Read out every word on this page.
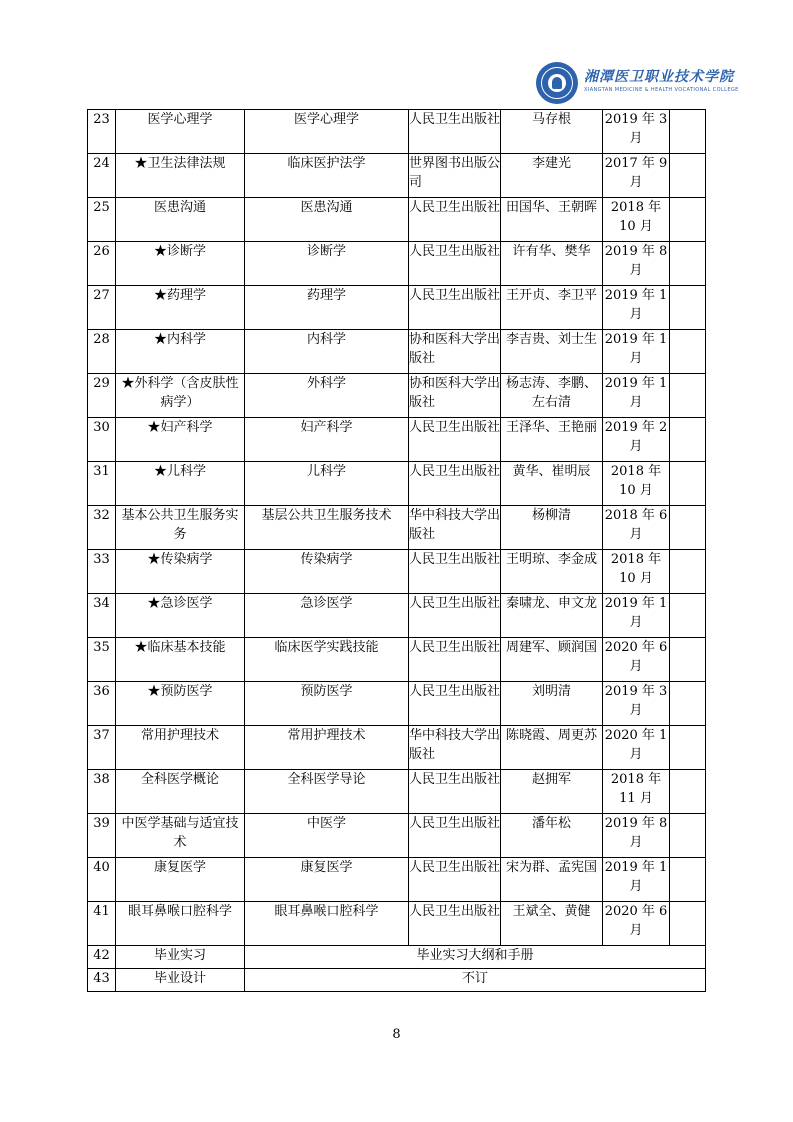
湘潭医卫职业技术学院
XIANGTAN MEDICINE & HEALTH VOCATIONAL COLLEGE
23	医学心理学	医学心理学	人民卫生出版社	马存根	2019 年 3 月	
24	★卫生法律法规	临床医护法学	世界图书出版公司	李建光	2017 年 9 月	
25	医患沟通	医患沟通	人民卫生出版社	田国华、王朝晖	2018 年 10 月	
26	★诊断学	诊断学	人民卫生出版社	许有华、樊华	2019 年 8 月	
27	★药理学	药理学	人民卫生出版社	王开贞、李卫平	2019 年 1 月	
28	★内科学	内科学	协和医科大学出版社	李吉贵、刘士生	2019 年 1 月	
29	★外科学（含皮肤性病学）	外科学	协和医科大学出版社	杨志涛、李鹏、左右清	2019 年 1 月	
30	★妇产科学	妇产科学	人民卫生出版社	王泽华、王艳丽	2019 年 2 月	
31	★儿科学	儿科学	人民卫生出版社	黄华、崔明辰	2018 年 10 月	
32	基本公共卫生服务实务	基层公共卫生服务技术	华中科技大学出版社	杨柳清	2018 年 6 月	
33	★传染病学	传染病学	人民卫生出版社	王明琼、李金成	2018 年 10 月	
34	★急诊医学	急诊医学	人民卫生出版社	秦啸龙、申文龙	2019 年 1 月	
35	★临床基本技能	临床医学实践技能	人民卫生出版社	周建军、顾润国	2020 年 6 月	
36	★预防医学	预防医学	人民卫生出版社	刘明清	2019 年 3 月	
37	常用护理技术	常用护理技术	华中科技大学出版社	陈晓霞、周更苏	2020 年 1 月	
38	全科医学概论	全科医学导论	人民卫生出版社	赵拥军	2018 年 11 月	
39	中医学基础与适宜技术	中医学	人民卫生出版社	潘年松	2019 年 8 月	
40	康复医学	康复医学	人民卫生出版社	宋为群、孟宪国	2019 年 1 月	
41	眼耳鼻喉口腔科学	眼耳鼻喉口腔科学	人民卫生出版社	王斌全、黄健	2020 年 6 月	
42	毕业实习	毕业实习大纲和手册				
43	毕业设计	不订				
8
